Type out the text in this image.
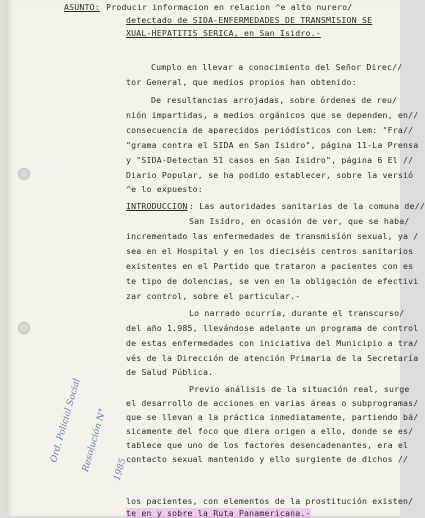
ASUNTO: Producir informacion en relacion ^e alto nurero/
detectado de SIDA-ENFERMEDADES DE TRANSMISION SE
XUAL-HEPATITIS SERICA, en San Isidro.-
Cumplo en llevar a conocimiento del Señor Direc//
tor General, que medios propios han obtenido:
De resultancias arrojadas, sobre órdenes de reu/
nión impartidas, a medios orgánicos que se dependen, en//
consecuencia de aparecidos periódísticos con Lem: "Fra//
"grama contra el SIDA en San Isidro", página 11-La Prensa
y "SIDA-Detectan 51 casos en San Isidro", página 6 El //
Diario Popular, se ha podido establecer, sobre la versió
^e lo expuesto:
INTRODUCCION : Las autoridades sanitarias de la comuna de//
San Isidro, en ocasión de ver, que se haba/
incrementado las enfermedades de transmisión sexual, ya /
sea en el Hospital y en los dieciséis centros sanitarios
existentes en el Partido que trataron a pacientes con es
te tipo de dolencias, se ven en la obligación de efectivi
zar control, sobre el particular.-
Lo narrado ocurría, durante el transcurso/
del año 1.985, llevándose adelante un programa de control
de estas enfermedades con iniciativa del Municipio a tra/
vés de la Dirección de atención Primaria de la Secretaría
de Salud Pública.
Previo análisis de la situación real, surge
el desarrollo de acciones en varias áreas o subprogramas/
que se llevan a la práctica inmediatamente, partiendo bá/
sicamente del foco que diera origen a ello, donde se es/
tablece que uno de los factores desencadenantes, era el
contacto sexual mantenido y ello surgiente de dichos //
los pacientes, con elementos de la prostitución existen/
te en y sobre la Ruta Panamericana.-

Ord. Policial Social

Resolución N°

1985
